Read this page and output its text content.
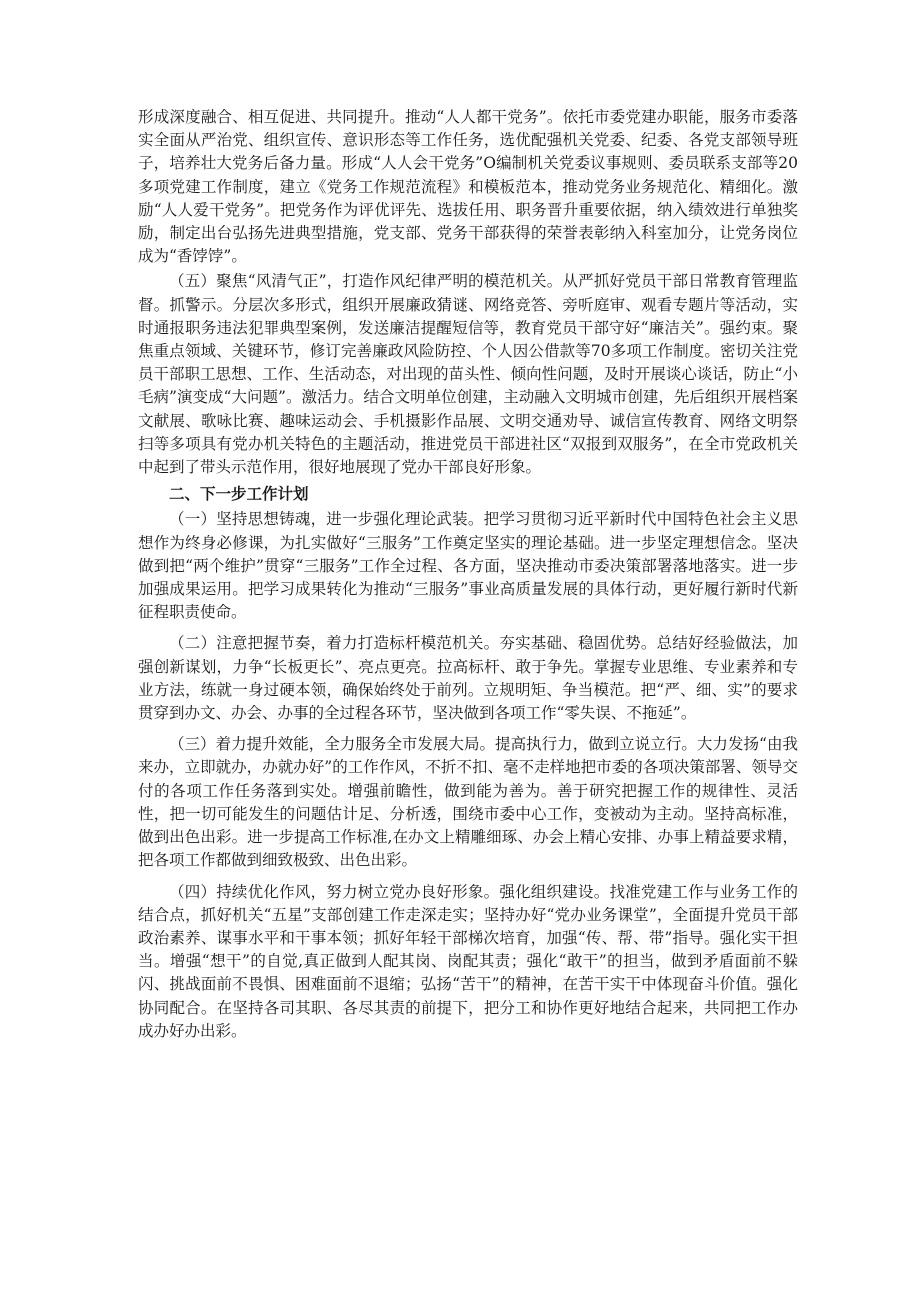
形成深度融合、相互促进、共同提升。推动“人人都干党务”。依托市委党建办职能，服务市委落实全面从严治党、组织宣传、意识形态等工作任务，选优配强机关党委、纪委、各党支部领导班子，培养壮大党务后备力量。形成“人人会干党务”O编制机关党委议事规则、委员联系支部等20多项党建工作制度，建立《党务工作规范流程》和模板范本，推动党务业务规范化、精细化。激励“人人爱干党务”。把党务作为评优评先、选拔任用、职务晋升重要依据，纳入绩效进行单独奖励，制定出台弘扬先进典型措施，党支部、党务干部获得的荣誉表彰纳入科室加分，让党务岗位成为“香饽饽”。

（五）聚焦“风清气正”，打造作风纪律严明的模范机关。从严抓好党员干部日常教育管理监督。抓警示。分层次多形式，组织开展廉政猜谜、网络竞答、旁听庭审、观看专题片等活动，实时通报职务违法犯罪典型案例，发送廉洁提醒短信等，教育党员干部守好“廉洁关”。强约束。聚焦重点领域、关键环节，修订完善廉政风险防控、个人因公借款等70多项工作制度。密切关注党员干部职工思想、工作、生活动态，对出现的苗头性、倾向性问题，及时开展谈心谈话，防止“小毛病”演变成“大问题”。激活力。结合文明单位创建，主动融入文明城市创建，先后组织开展档案文献展、歌咏比赛、趣味运动会、手机摄影作品展、文明交通劝导、诚信宣传教育、网络文明祭扫等多项具有党办机关特色的主题活动，推进党员干部进社区“双报到双服务”，在全市党政机关中起到了带头示范作用，很好地展现了党办干部良好形象。

二、下一步工作计划

（一）坚持思想铸魂，进一步强化理论武装。把学习贯彻习近平新时代中国特色社会主义思想作为终身必修课，为扎实做好“三服务”工作奠定坚实的理论基础。进一步坚定理想信念。坚决做到把“两个维护”贯穿“三服务”工作全过程、各方面，坚决推动市委决策部署落地落实。进一步加强成果运用。把学习成果转化为推动“三服务”事业高质量发展的具体行动，更好履行新时代新征程职责使命。

（二）注意把握节奏，着力打造标杆模范机关。夯实基础、稳固优势。总结好经验做法，加强创新谋划，力争“长板更长”、亮点更亮。拉高标杆、敢于争先。掌握专业思维、专业素养和专业方法，练就一身过硬本领，确保始终处于前列。立规明矩、争当模范。把“严、细、实”的要求贯穿到办文、办会、办事的全过程各环节，坚决做到各项工作“零失误、不拖延”。

（三）着力提升效能，全力服务全市发展大局。提高执行力，做到立说立行。大力发扬“由我来办，立即就办，办就办好”的工作作风，不折不扣、毫不走样地把市委的各项决策部署、领导交付的各项工作任务落到实处。增强前瞻性，做到能为善为。善于研究把握工作的规律性、灵活性，把一切可能发生的问题估计足、分析透，围绕市委中心工作，变被动为主动。坚持高标准，做到出色出彩。进一步提高工作标准,在办文上精雕细琢、办会上精心安排、办事上精益要求精，把各项工作都做到细致极致、出色出彩。

（四）持续优化作风，努力树立党办良好形象。强化组织建设。找准党建工作与业务工作的结合点，抓好机关“五星”支部创建工作走深走实；坚持办好“党办业务课堂”，全面提升党员干部政治素养、谋事水平和干事本领；抓好年轻干部梯次培育，加强“传、帮、带”指导。强化实干担当。增强“想干”的自觉,真正做到人配其岗、岗配其责；强化“敢干”的担当，做到矛盾面前不躲闪、挑战面前不畏惧、困难面前不退缩；弘扬“苦干”的精神，在苦干实干中体现奋斗价值。强化协同配合。在坚持各司其职、各尽其责的前提下，把分工和协作更好地结合起来，共同把工作办成办好办出彩。
